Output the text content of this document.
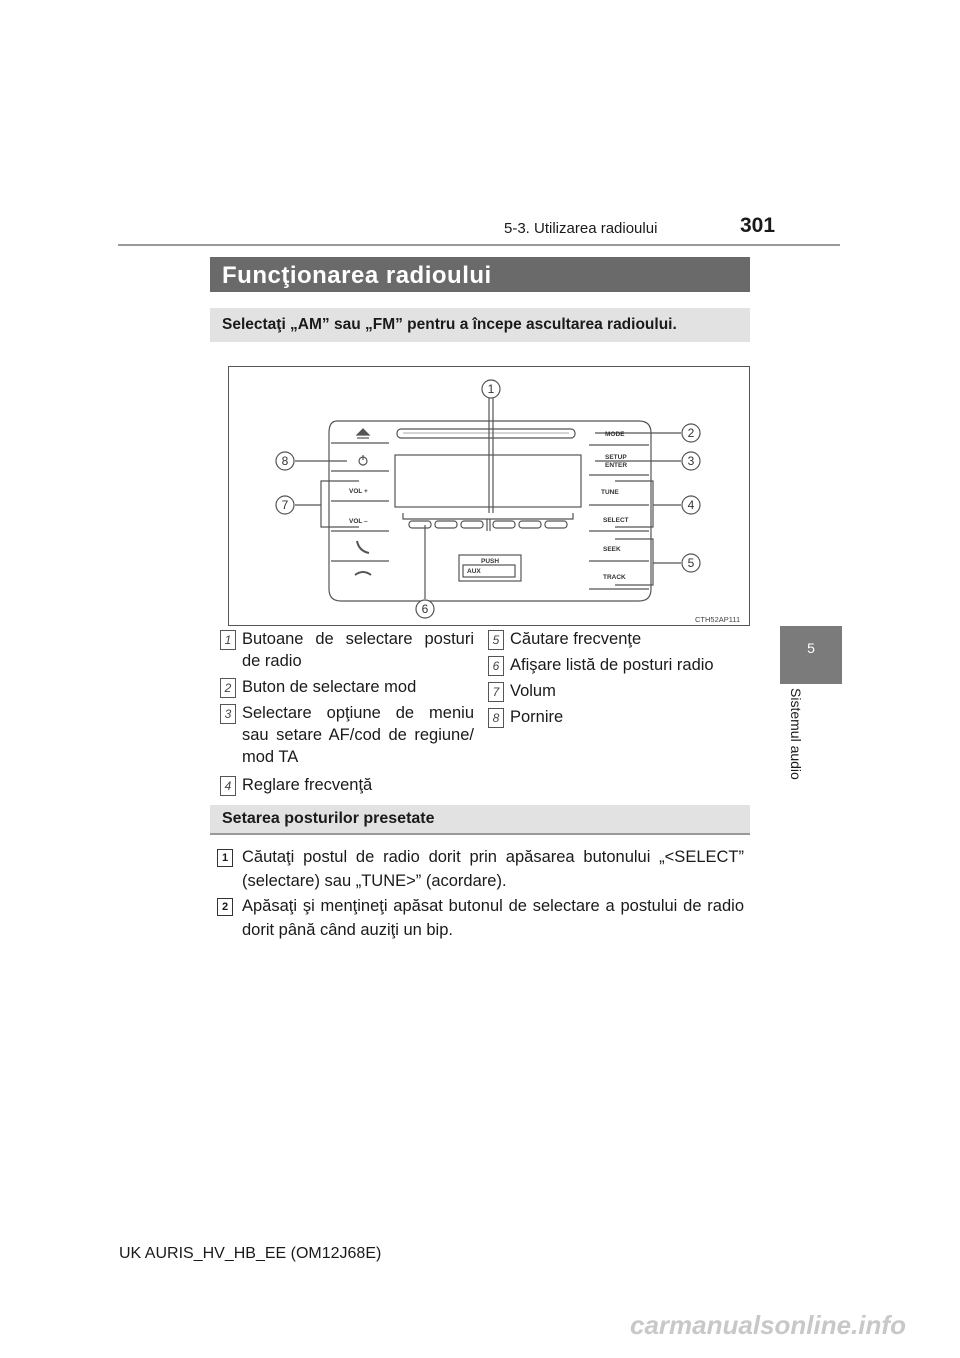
5-3. Utilizarea radioului	301
5
Sistemul audio
Funcţionarea radioului
Selectaţi „AM” sau „FM” pentru a începe ascultarea radioului.
1
2
3
4
5
6
7
8
MODE
SETUP
ENTER
TUNE
SELECT
SEEK
TRACK
VOL +
VOL –
PUSH
AUX
CTH52AP111
1 Butoane de selectare posturi de radio
2 Buton de selectare mod
3 Selectare opţiune de meniu sau setare AF/cod de regiune/ mod TA
4 Reglare frecvenţă
5 Căutare frecvenţe
6 Afişare listă de posturi radio
7 Volum
8 Pornire
Setarea posturilor presetate
1 Căutaţi postul de radio dorit prin apăsarea butonului „<SELECT” (selectare) sau „TUNE>” (acordare).
2 Apăsaţi şi menţineţi apăsat butonul de selectare a postului de radio dorit până când auziţi un bip.
UK AURIS_HV_HB_EE (OM12J68E)
carmanualsonline.info
